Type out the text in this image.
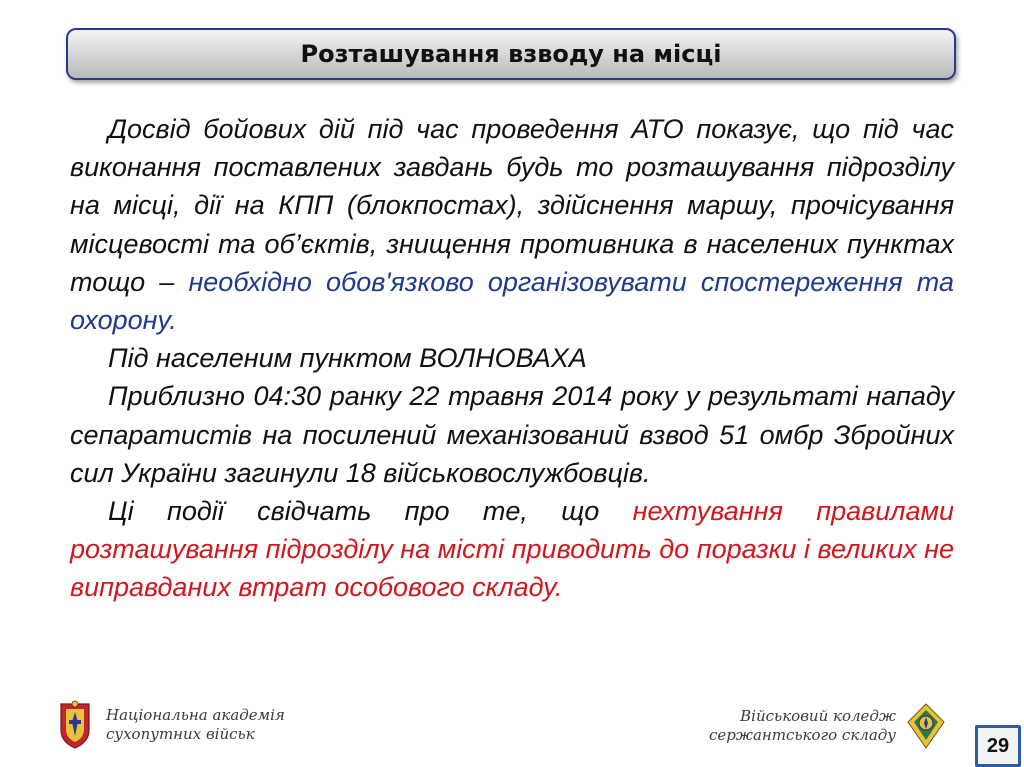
Розташування взводу на місці

Досвід бойових дій під час проведення АТО показує, що під час виконання поставлених завдань будь то розташування підрозділу на місці, дії на КПП (блокпостах), здійснення маршу, прочісування місцевості та об’єктів, знищення противника в населених пунктах тощо – необхідно обов'язково організовувати спостереження та охорону.

Під населеним пунктом ВОЛНОВАХА

Приблизно 04:30 ранку 22 травня 2014 року у результаті нападу сепаратистів на посилений механізований взвод 51 омбр Збройних сил України загинули 18 військовослужбовців.

Ці події свідчать про те, що нехтування правилами розташування підрозділу на місті приводить до поразки і великих не виправданих втрат особового складу.

Національна академія
сухопутних військ
Військовий коледж
сержантського складу	29
